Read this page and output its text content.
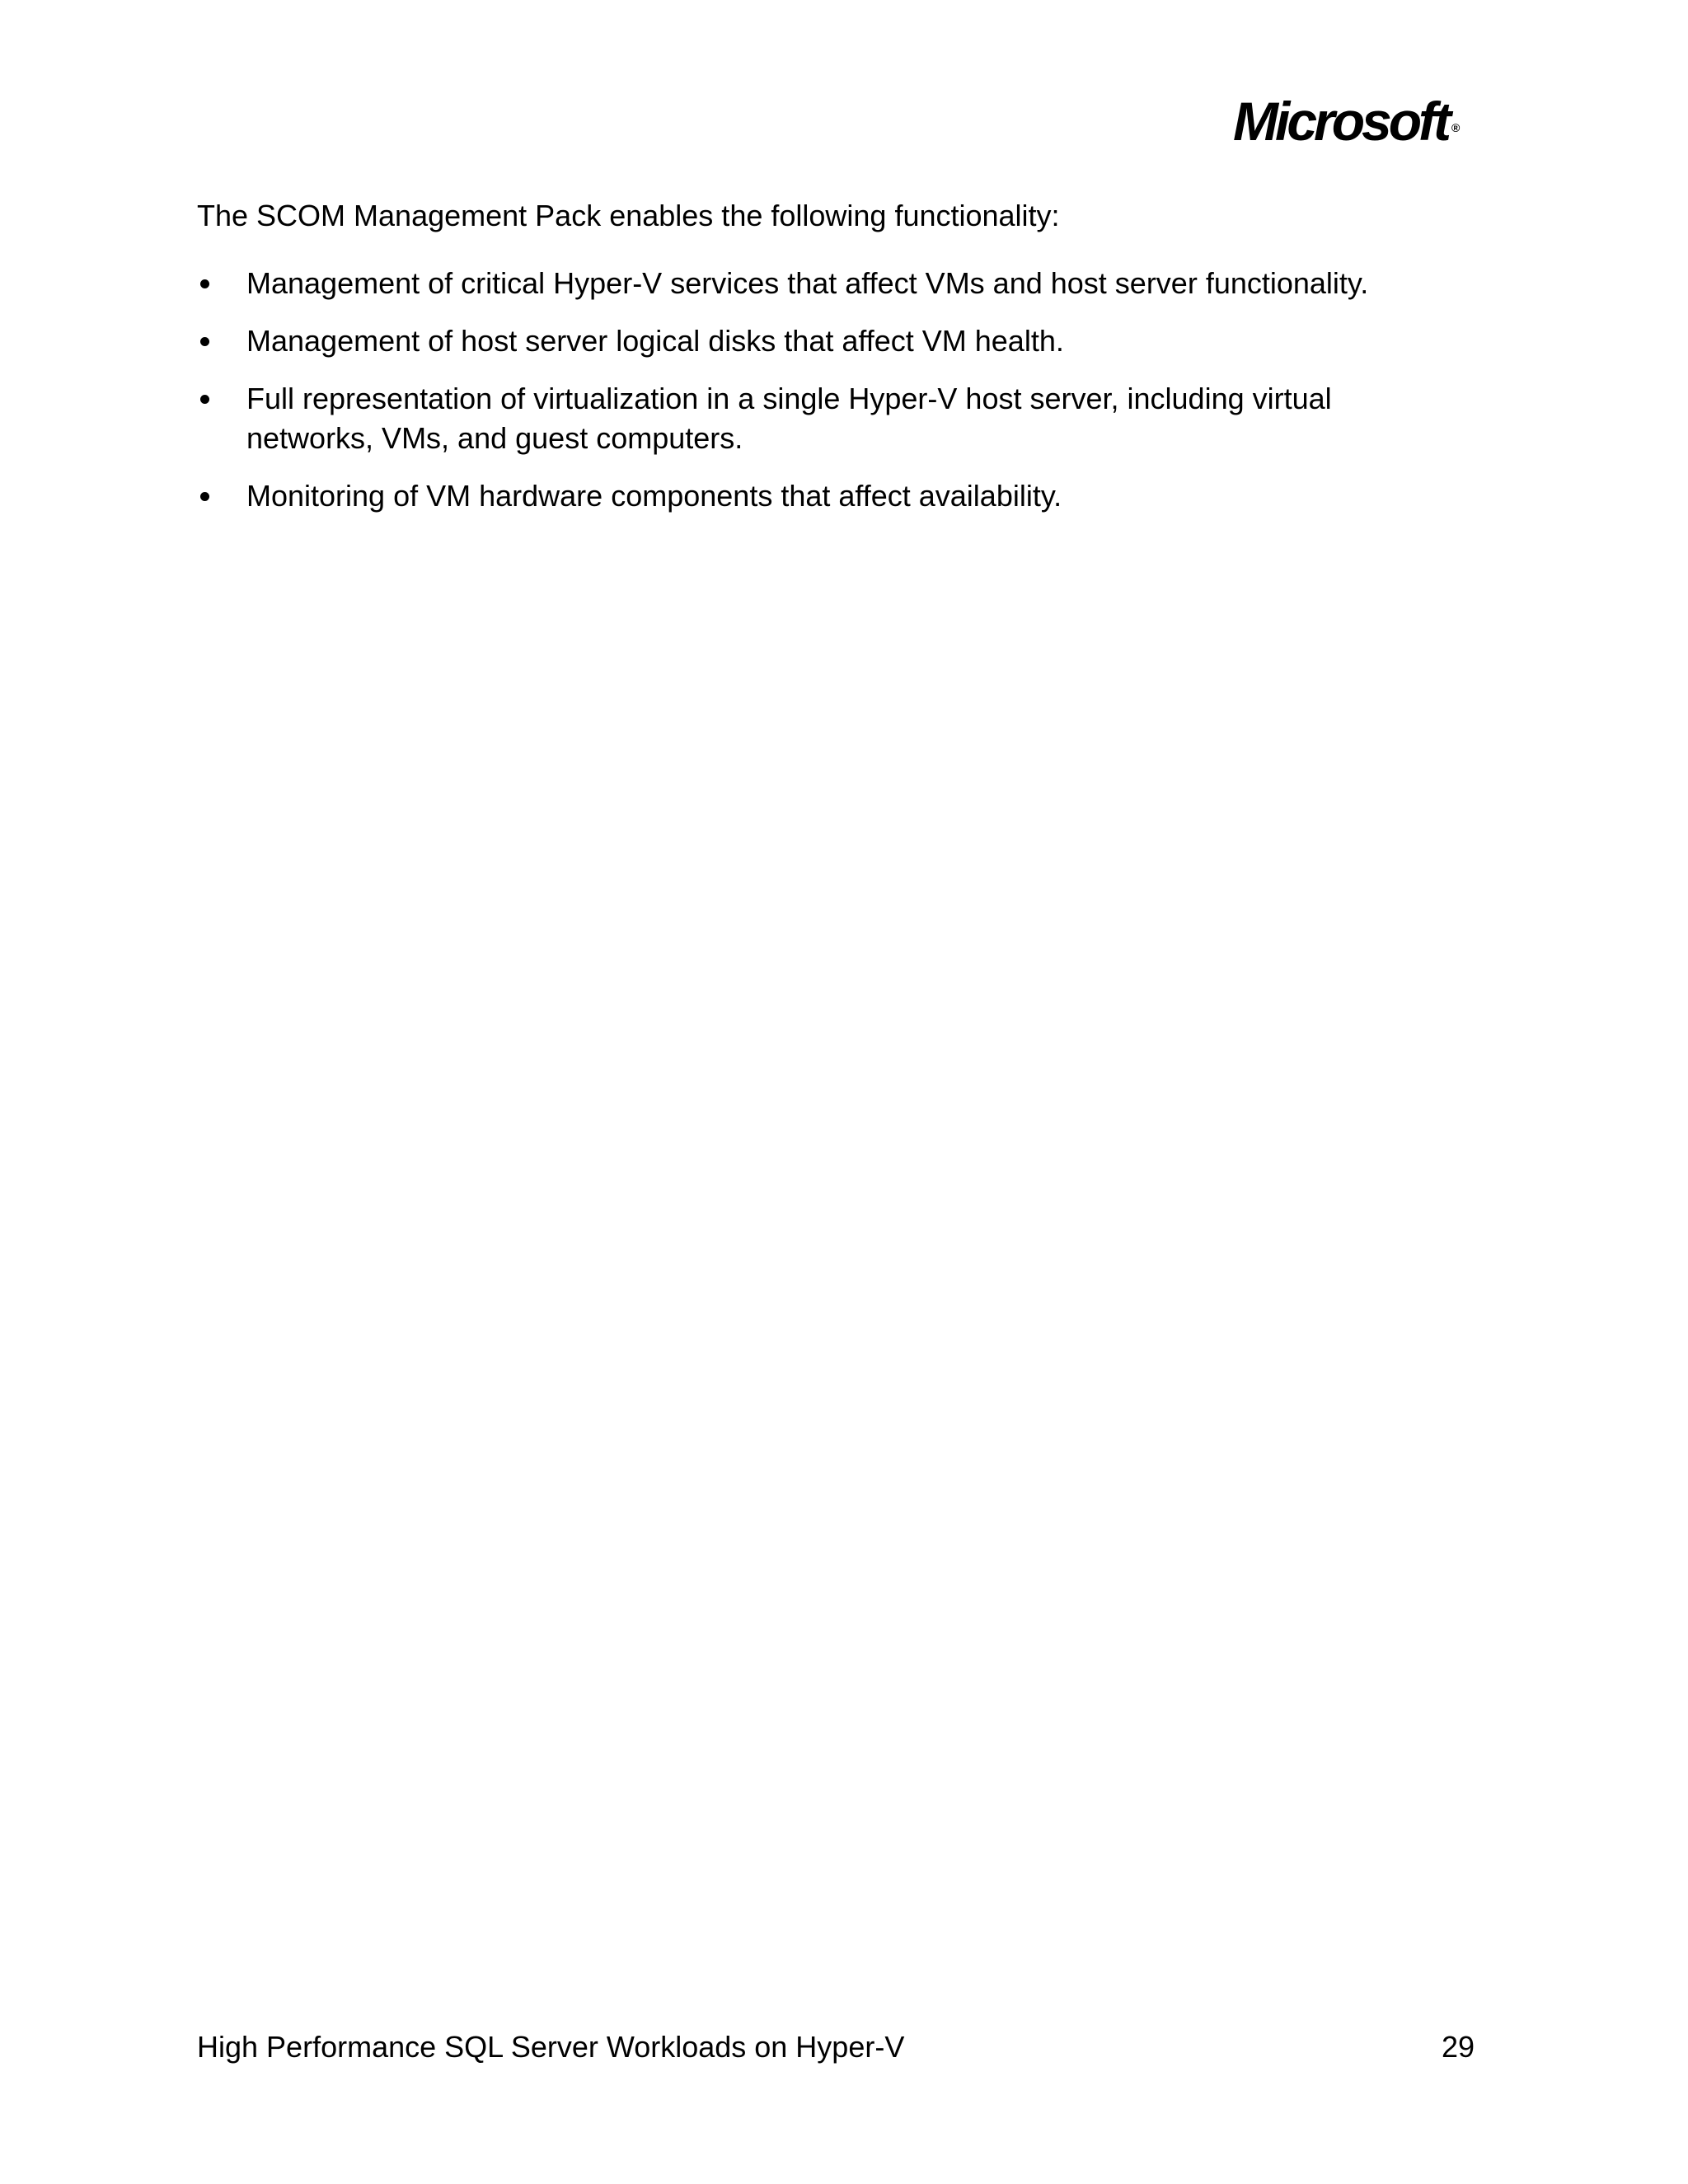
Microsoft ®

The SCOM Management Pack enables the following functionality:

Management of critical Hyper-V services that affect VMs and host server functionality.
Management of host server logical disks that affect VM health.
Full representation of virtualization in a single Hyper-V host server, including virtual networks, VMs, and guest computers.
Monitoring of VM hardware components that affect availability.
High Performance SQL Server Workloads on Hyper-V	29
